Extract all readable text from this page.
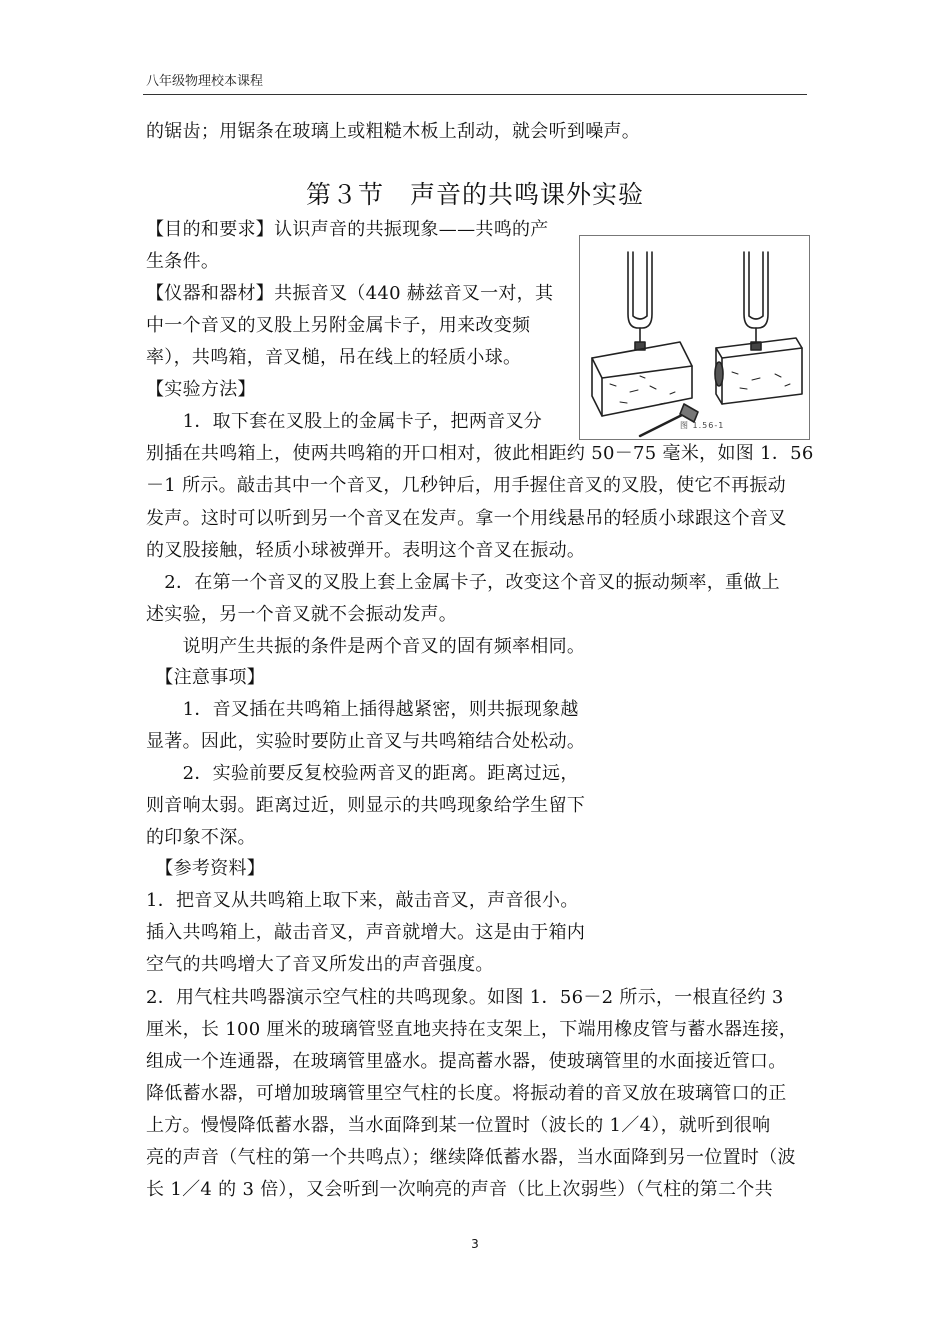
八年级物理校本课程
的锯齿；用锯条在玻璃上或粗糙木板上刮动，就会听到噪声。
第３节　声音的共鸣课外实验
【目的和要求】认识声音的共振现象——共鸣的产
生条件。
【仪器和器材】共振音叉（440 赫兹音叉一对，其
中一个音叉的叉股上另附金属卡子，用来改变频
率），共鸣箱，音叉槌，吊在线上的轻质小球。
【实验方法】
　　1．取下套在叉股上的金属卡子，把两音叉分
别插在共鸣箱上，使两共鸣箱的开口相对，彼此相距约 50－75 毫米，如图 1．56
－1 所示。敲击其中一个音叉，几秒钟后，用手握住音叉的叉股，使它不再振动
发声。这时可以听到另一个音叉在发声。拿一个用线悬吊的轻质小球跟这个音叉
的叉股接触，轻质小球被弹开。表明这个音叉在振动。
　2．在第一个音叉的叉股上套上金属卡子，改变这个音叉的振动频率，重做上
述实验，另一个音叉就不会振动发声。
　　说明产生共振的条件是两个音叉的固有频率相同。
　【注意事项】
　　1．音叉插在共鸣箱上插得越紧密，则共振现象越
显著。因此，实验时要防止音叉与共鸣箱结合处松动。
　　2．实验前要反复校验两音叉的距离。距离过远，
则音响太弱。距离过近，则显示的共鸣现象给学生留下
的印象不深。
　【参考资料】
1．把音叉从共鸣箱上取下来，敲击音叉，声音很小。
插入共鸣箱上，敲击音叉，声音就增大。这是由于箱内
空气的共鸣增大了音叉所发出的声音强度。
2．用气柱共鸣器演示空气柱的共鸣现象。如图 1．56－2 所示，一根直径约 3
厘米，长 100 厘米的玻璃管竖直地夹持在支架上，下端用橡皮管与蓄水器连接，
组成一个连通器，在玻璃管里盛水。提高蓄水器，使玻璃管里的水面接近管口。
降低蓄水器，可增加玻璃管里空气柱的长度。将振动着的音叉放在玻璃管口的正
上方。慢慢降低蓄水器，当水面降到某一位置时（波长的 1／4），就听到很响
亮的声音（气柱的第一个共鸣点）；继续降低蓄水器，当水面降到另一位置时（波
长 1／4 的 3 倍），又会听到一次响亮的声音（比上次弱些）（气柱的第二个共
图 1.56-1
3
